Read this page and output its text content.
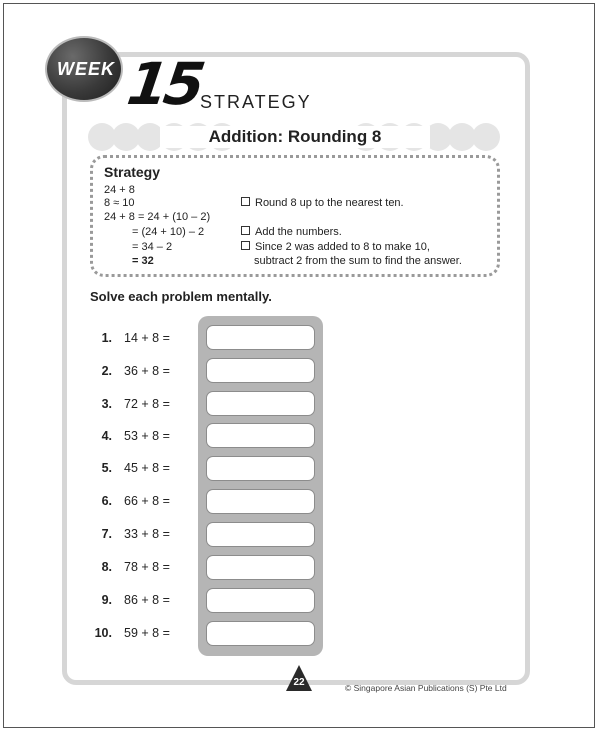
WEEK 15
STRATEGY
Addition: Rounding 8
Strategy
24 + 8
8 ≈ 10
24 + 8 = 24 + (10 – 2)
= (24 + 10) – 2
= 34 – 2
= 32
Round 8 up to the nearest ten.
Add the numbers.
Since 2 was added to 8 to make 10,
subtract 2 from the sum to find the answer.
Solve each problem mentally.
1. 14 + 8 =
2. 36 + 8 =
3. 72 + 8 =
4. 53 + 8 =
5. 45 + 8 =
6. 66 + 8 =
7. 33 + 8 =
8. 78 + 8 =
9. 86 + 8 =
10. 59 + 8 =
22	© Singapore Asian Publications (S) Pte Ltd
